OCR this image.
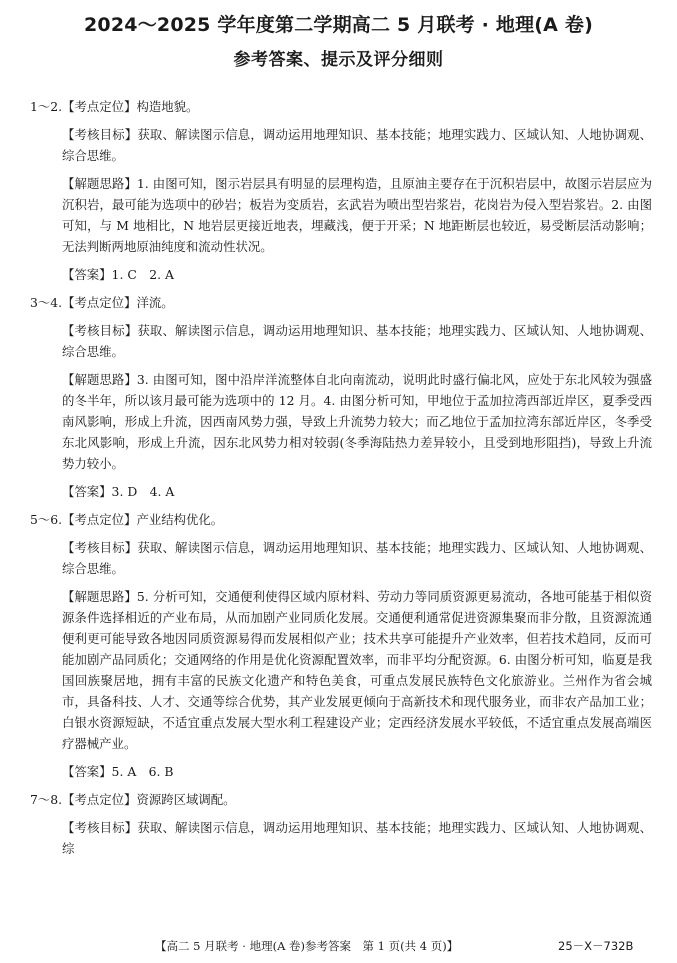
2024～2025 学年度第二学期高二 5 月联考 · 地理(A 卷)
参考答案、提示及评分细则

1～2.【考点定位】构造地貌。

【考核目标】获取、解读图示信息，调动运用地理知识、基本技能；地理实践力、区域认知、人地协调观、综合思维。

【解题思路】1. 由图可知，图示岩层具有明显的层理构造，且原油主要存在于沉积岩层中，故图示岩层应为沉积岩，最可能为选项中的砂岩；板岩为变质岩，玄武岩为喷出型岩浆岩，花岗岩为侵入型岩浆岩。2. 由图可知，与 M 地相比，N 地岩层更接近地表，埋藏浅，便于开采；N 地距断层也较近，易受断层活动影响；无法判断两地原油纯度和流动性状况。

【答案】1. C　2. A

3～4.【考点定位】洋流。

【考核目标】获取、解读图示信息，调动运用地理知识、基本技能；地理实践力、区域认知、人地协调观、综合思维。

【解题思路】3. 由图可知，图中沿岸洋流整体自北向南流动，说明此时盛行偏北风，应处于东北风较为强盛的冬半年，所以该月最可能为选项中的 12 月。4. 由图分析可知，甲地位于孟加拉湾西部近岸区，夏季受西南风影响，形成上升流，因西南风势力强，导致上升流势力较大；而乙地位于孟加拉湾东部近岸区，冬季受东北风影响，形成上升流，因东北风势力相对较弱(冬季海陆热力差异较小，且受到地形阻挡)，导致上升流势力较小。

【答案】3. D　4. A

5～6.【考点定位】产业结构优化。

【考核目标】获取、解读图示信息，调动运用地理知识、基本技能；地理实践力、区域认知、人地协调观、综合思维。

【解题思路】5. 分析可知，交通便利使得区域内原材料、劳动力等同质资源更易流动，各地可能基于相似资源条件选择相近的产业布局，从而加剧产业同质化发展。交通便利通常促进资源集聚而非分散，且资源流通便利更可能导致各地因同质资源易得而发展相似产业；技术共享可能提升产业效率，但若技术趋同，反而可能加剧产品同质化；交通网络的作用是优化资源配置效率，而非平均分配资源。6. 由图分析可知，临夏是我国回族聚居地，拥有丰富的民族文化遗产和特色美食，可重点发展民族特色文化旅游业。兰州作为省会城市，具备科技、人才、交通等综合优势，其产业发展更倾向于高新技术和现代服务业，而非农产品加工业；白银水资源短缺，不适宜重点发展大型水利工程建设产业；定西经济发展水平较低，不适宜重点发展高端医疗器械产业。

【答案】5. A　6. B

7～8.【考点定位】资源跨区域调配。

【考核目标】获取、解读图示信息，调动运用地理知识、基本技能；地理实践力、区域认知、人地协调观、综

【高二 5 月联考 · 地理(A 卷)参考答案　第 1 页(共 4 页)】	25－X－732B
